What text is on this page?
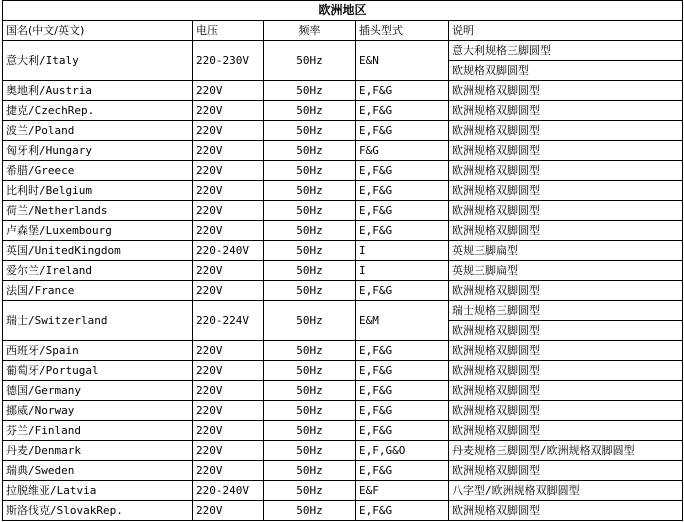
欧洲地区				
国名(中文/英文)	电压	频率	插头型式	说明
意大利/Italy	220-230V	50Hz	E&N	意大利规格三脚圆型
				欧规格双脚圆型
奥地利/Austria	220V	50Hz	E,F&G	欧洲规格双脚圆型
捷克/CzechRep.	220V	50Hz	E,F&G	欧洲规格双脚圆型
波兰/Poland	220V	50Hz	E,F&G	欧洲规格双脚圆型
匈牙利/Hungary	220V	50Hz	F&G	欧洲规格双脚圆型
希腊/Greece	220V	50Hz	E,F&G	欧洲规格双脚圆型
比利时/Belgium	220V	50Hz	E,F&G	欧洲规格双脚圆型
荷兰/Netherlands	220V	50Hz	E,F&G	欧洲规格双脚圆型
卢森堡/Luxembourg	220V	50Hz	E,F&G	欧洲规格双脚圆型
英国/UnitedKingdom	220-240V	50Hz	I	英规三脚扁型
爱尔兰/Ireland	220V	50Hz	I	英规三脚扁型
法国/France	220V	50Hz	E,F&G	欧洲规格双脚圆型
瑞士/Switzerland	220-224V	50Hz	E&M	瑞士规格三脚圆型
				欧洲规格双脚圆型
西班牙/Spain	220V	50Hz	E,F&G	欧洲规格双脚圆型
葡萄牙/Portugal	220V	50Hz	E,F&G	欧洲规格双脚圆型
德国/Germany	220V	50Hz	E,F&G	欧洲规格双脚圆型
挪威/Norway	220V	50Hz	E,F&G	欧洲规格双脚圆型
芬兰/Finland	220V	50Hz	E,F&G	欧洲规格双脚圆型
丹麦/Denmark	220V	50Hz	E,F,G&O	丹麦规格三脚圆型/欧洲规格双脚圆型
瑞典/Sweden	220V	50Hz	E,F&G	欧洲规格双脚圆型
拉脱维亚/Latvia	220-240V	50Hz	E&F	八字型/欧洲规格双脚圆型
斯洛伐克/SlovakRep.	220V	50Hz	E,F&G	欧洲规格双脚圆型
